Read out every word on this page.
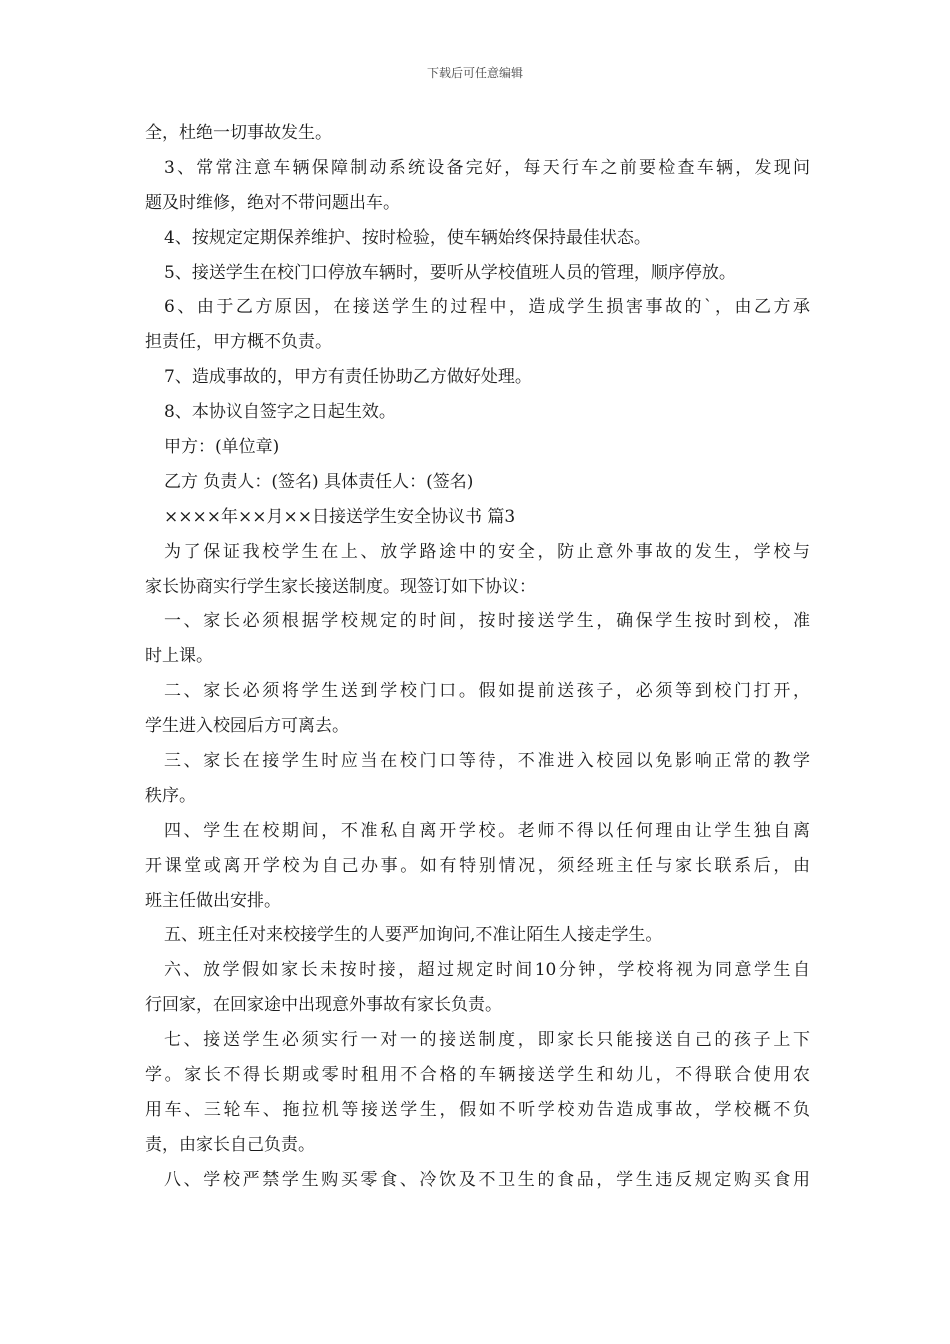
下载后可任意编辑

全，杜绝一切事故发生。

3、常常注意车辆保障制动系统设备完好，每天行车之前要检查车辆，发现问

题及时维修，绝对不带问题出车。

4、按规定定期保养维护、按时检验，使车辆始终保持最佳状态。

5、接送学生在校门口停放车辆时，要听从学校值班人员的管理，顺序停放。

6、由于乙方原因，在接送学生的过程中，造成学生损害事故的`，由乙方承

担责任，甲方概不负责。

7、造成事故的，甲方有责任协助乙方做好处理。

8、本协议自签字之日起生效。

甲方：(单位章)

乙方 负责人：(签名) 具体责任人：(签名)

××××年××月××日接送学生安全协议书 篇3

为了保证我校学生在上、放学路途中的安全，防止意外事故的发生，学校与

家长协商实行学生家长接送制度。现签订如下协议：

一、家长必须根据学校规定的时间，按时接送学生，确保学生按时到校，准

时上课。

二、家长必须将学生送到学校门口。假如提前送孩子，必须等到校门打开，

学生进入校园后方可离去。

三、家长在接学生时应当在校门口等待，不准进入校园以免影响正常的教学

秩序。

四、学生在校期间，不准私自离开学校。老师不得以任何理由让学生独自离

开课堂或离开学校为自己办事。如有特别情况，须经班主任与家长联系后，由

班主任做出安排。

五、班主任对来校接学生的人要严加询问,不准让陌生人接走学生。

六、放学假如家长未按时接，超过规定时间10分钟，学校将视为同意学生自

行回家，在回家途中出现意外事故有家长负责。

七、接送学生必须实行一对一的接送制度，即家长只能接送自己的孩子上下

学。家长不得长期或零时租用不合格的车辆接送学生和幼儿，不得联合使用农

用车、三轮车、拖拉机等接送学生，假如不听学校劝告造成事故，学校概不负

责，由家长自己负责。

八、学校严禁学生购买零食、冷饮及不卫生的食品，学生违反规定购买食用
